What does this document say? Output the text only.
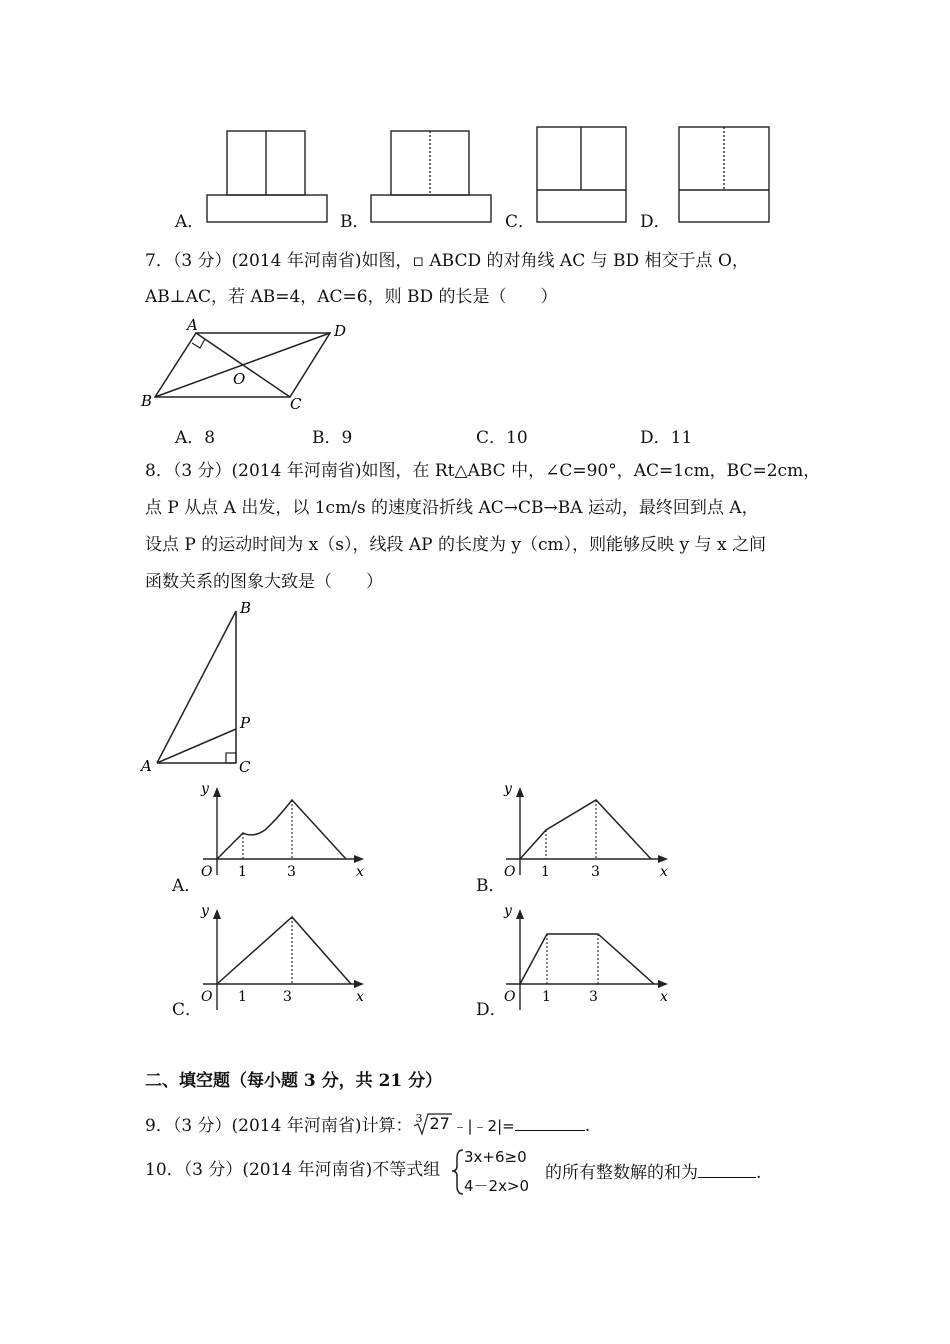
A．	B．	C．	D．
7．（3 分）(2014 年河南省)如图，▫ ABCD 的对角线 AC 与 BD 相交于点 O，
AB⊥AC，若 AB=4，AC=6，则 BD 的长是（　　）
A	D
B	C
O
A．8	B．9	C．10	D．11
8．（3 分）(2014 年河南省)如图，在 Rt△ABC 中，∠C=90°，AC=1cm，BC=2cm，
点 P 从点 A 出发，以 1cm/s 的速度沿折线 AC→CB→BA 运动，最终回到点 A，
设点 P 的运动时间为 x（s），线段 AP 的长度为 y（cm），则能够反映 y 与 x 之间
函数关系的图象大致是（　　）
B
P
A	C
A．
y
O 1	3	x
B．
y
O 1	3	x
C．
y
O 1	3	x
D．
y
O 1	3	x
二、填空题（每小题 3 分，共 21 分）
9．（3 分）(2014 年河南省)计算： 3 27 ﹣|﹣2|=	.
10．（3 分）(2014 年河南省)不等式组
3x+6≥0
4－2x>0
的所有整数解的和为	.
